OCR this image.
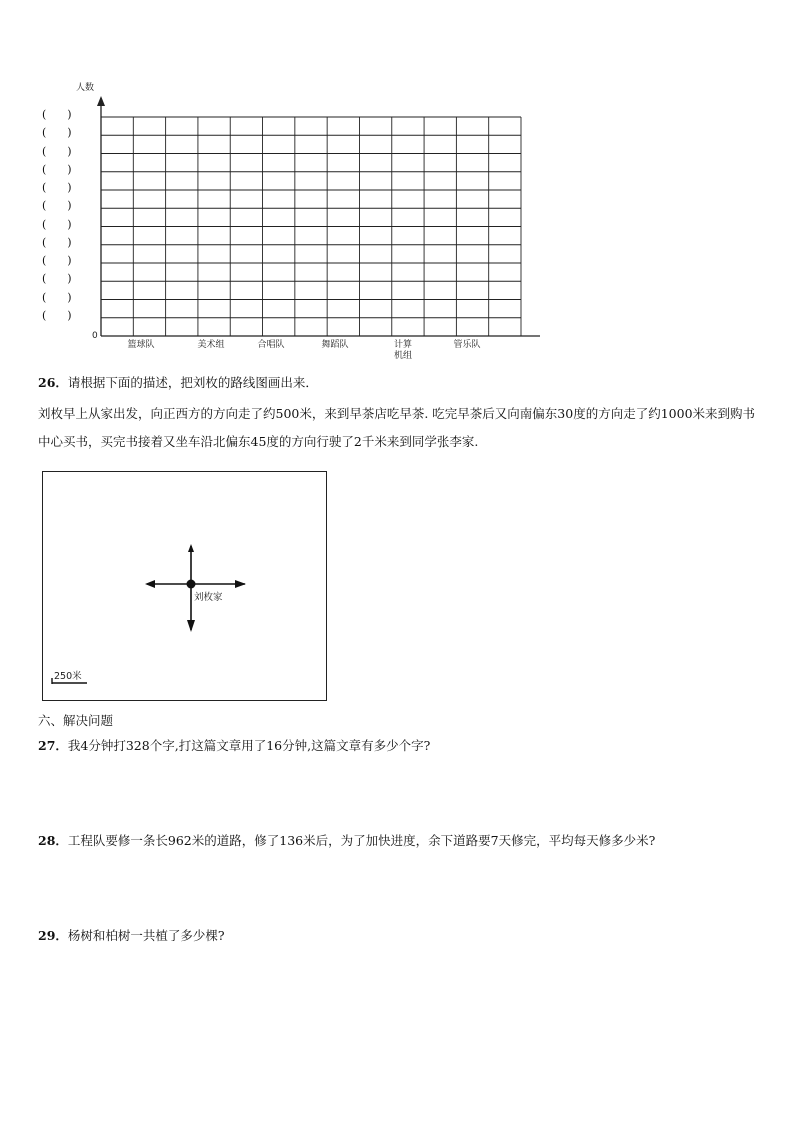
人数
0
(      )
(      )
(      )
(      )
(      )
(      )
(      )
(      )
(      )
(      )
(      )
(      )
篮球队	美术组	合唱队	舞蹈队	计算
机组
管乐队
26．请根据下面的描述，把刘枚的路线图画出来．
刘枚早上从家出发，向正西方的方向走了约500米，来到早茶店吃早茶. 吃完早茶后又向南偏东30度的方向走了约1000米来到购书中心买书，买完书接着又坐车沿北偏东45度的方向行驶了2千米来到同学张李家.
刘枚家
250米
六、解决问题
27．我4分钟打328个字,打这篇文章用了16分钟,这篇文章有多少个字?
28．工程队要修一条长962米的道路，修了136米后，为了加快进度，余下道路要7天修完，平均每天修多少米?
29．杨树和柏树一共植了多少棵?
